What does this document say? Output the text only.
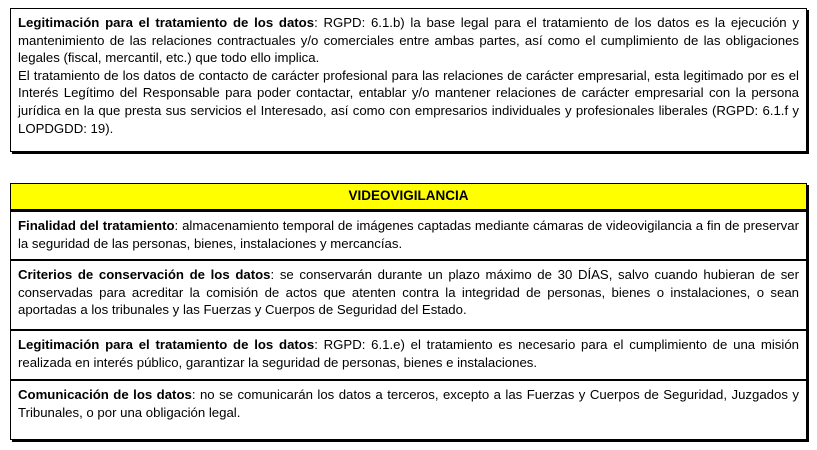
Legitimación para el tratamiento de los datos: RGPD: 6.1.b) la base legal para el tratamiento de los datos es la ejecución y mantenimiento de las relaciones contractuales y/o comerciales entre ambas partes, así como el cumplimiento de las obligaciones legales (fiscal, mercantil, etc.) que todo ello implica.

El tratamiento de los datos de contacto de carácter profesional para las relaciones de carácter empresarial, esta legitimado por es el Interés Legítimo del Responsable para poder contactar, entablar y/o mantener relaciones de carácter empresarial con la persona jurídica en la que presta sus servicios el Interesado, así como con empresarios individuales y profesionales liberales (RGPD: 6.1.f y LOPDGDD: 19).

VIDEOVIGILANCIA

Finalidad del tratamiento: almacenamiento temporal de imágenes captadas mediante cámaras de videovigilancia a fin de preservar la seguridad de las personas, bienes, instalaciones y mercancías.

Criterios de conservación de los datos: se conservarán durante un plazo máximo de 30 DÍAS, salvo cuando hubieran de ser conservadas para acreditar la comisión de actos que atenten contra la integridad de personas, bienes o instalaciones, o sean aportadas a los tribunales y las Fuerzas y Cuerpos de Seguridad del Estado.

Legitimación para el tratamiento de los datos: RGPD: 6.1.e) el tratamiento es necesario para el cumplimiento de una misión realizada en interés público, garantizar la seguridad de personas, bienes e instalaciones.

Comunicación de los datos: no se comunicarán los datos a terceros, excepto a las Fuerzas y Cuerpos de Seguridad, Juzgados y Tribunales, o por una obligación legal.
